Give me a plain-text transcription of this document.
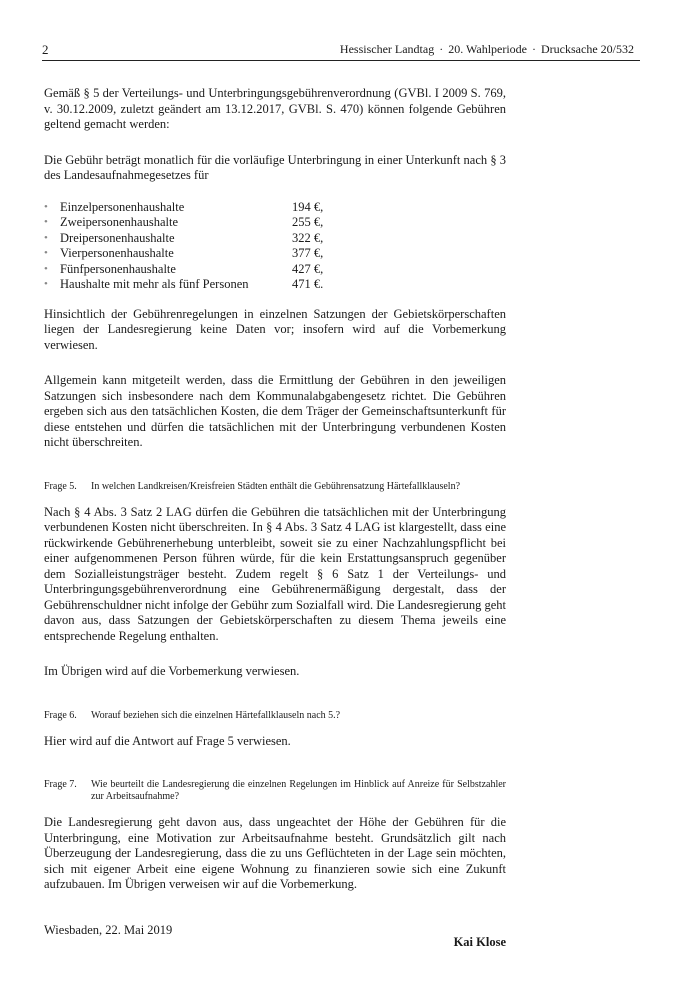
2	Hessischer Landtag · 20. Wahlperiode · Drucksache 20/532

Gemäß § 5 der Verteilungs- und Unterbringungsgebührenverordnung (GVBl. I 2009 S. 769, v. 30.12.2009, zuletzt geändert am 13.12.2017, GVBl. S. 470) können folgende Gebühren geltend gemacht werden:

Die Gebühr beträgt monatlich für die vorläufige Unterbringung in einer Unterkunft nach § 3 des Landesaufnahmegesetzes für

• Einzelpersonenhaushalte	194 €,
• Zweipersonenhaushalte	255 €,
• Dreipersonenhaushalte	322 €,
• Vierpersonenhaushalte	377 €,
• Fünfpersonenhaushalte	427 €,
• Haushalte mit mehr als fünf Personen	471 €.

Hinsichtlich der Gebührenregelungen in einzelnen Satzungen der Gebietskörperschaften liegen der Landesregierung keine Daten vor; insofern wird auf die Vorbemerkung verwiesen.

Allgemein kann mitgeteilt werden, dass die Ermittlung der Gebühren in den jeweiligen Satzungen sich insbesondere nach dem Kommunalabgabengesetz richtet. Die Gebühren ergeben sich aus den tatsächlichen Kosten, die dem Träger der Gemeinschaftsunterkunft für diese entstehen und dürfen die tatsächlichen mit der Unterbringung verbundenen Kosten nicht überschreiten.

Frage 5. In welchen Landkreisen/Kreisfreien Städten enthält die Gebührensatzung Härtefallklauseln?

Nach § 4 Abs. 3 Satz 2 LAG dürfen die Gebühren die tatsächlichen mit der Unterbringung verbundenen Kosten nicht überschreiten. In § 4 Abs. 3 Satz 4 LAG ist klargestellt, dass eine rückwirkende Gebührenerhebung unterbleibt, soweit sie zu einer Nachzahlungspflicht bei einer aufgenommenen Person führen würde, für die kein Erstattungsanspruch gegenüber dem Sozialleistungsträger besteht. Zudem regelt § 6 Satz 1 der Verteilungs- und Unterbringungsgebührenverordnung eine Gebührenermäßigung dergestalt, dass der Gebührenschuldner nicht infolge der Gebühr zum Sozialfall wird. Die Landesregierung geht davon aus, dass Satzungen der Gebietskörperschaften zu diesem Thema jeweils eine entsprechende Regelung enthalten.

Im Übrigen wird auf die Vorbemerkung verwiesen.

Frage 6. Worauf beziehen sich die einzelnen Härtefallklauseln nach 5.?

Hier wird auf die Antwort auf Frage 5 verwiesen.

Frage 7. Wie beurteilt die Landesregierung die einzelnen Regelungen im Hinblick auf Anreize für Selbstzahler zur Arbeitsaufnahme?

Die Landesregierung geht davon aus, dass ungeachtet der Höhe der Gebühren für die Unterbringung, eine Motivation zur Arbeitsaufnahme besteht. Grundsätzlich gilt nach Überzeugung der Landesregierung, dass die zu uns Geflüchteten in der Lage sein möchten, sich mit eigener Arbeit eine eigene Wohnung zu finanzieren sowie sich eine Zukunft aufzubauen. Im Übrigen verweisen wir auf die Vorbemerkung.

Wiesbaden, 22. Mai 2019
Kai Klose
